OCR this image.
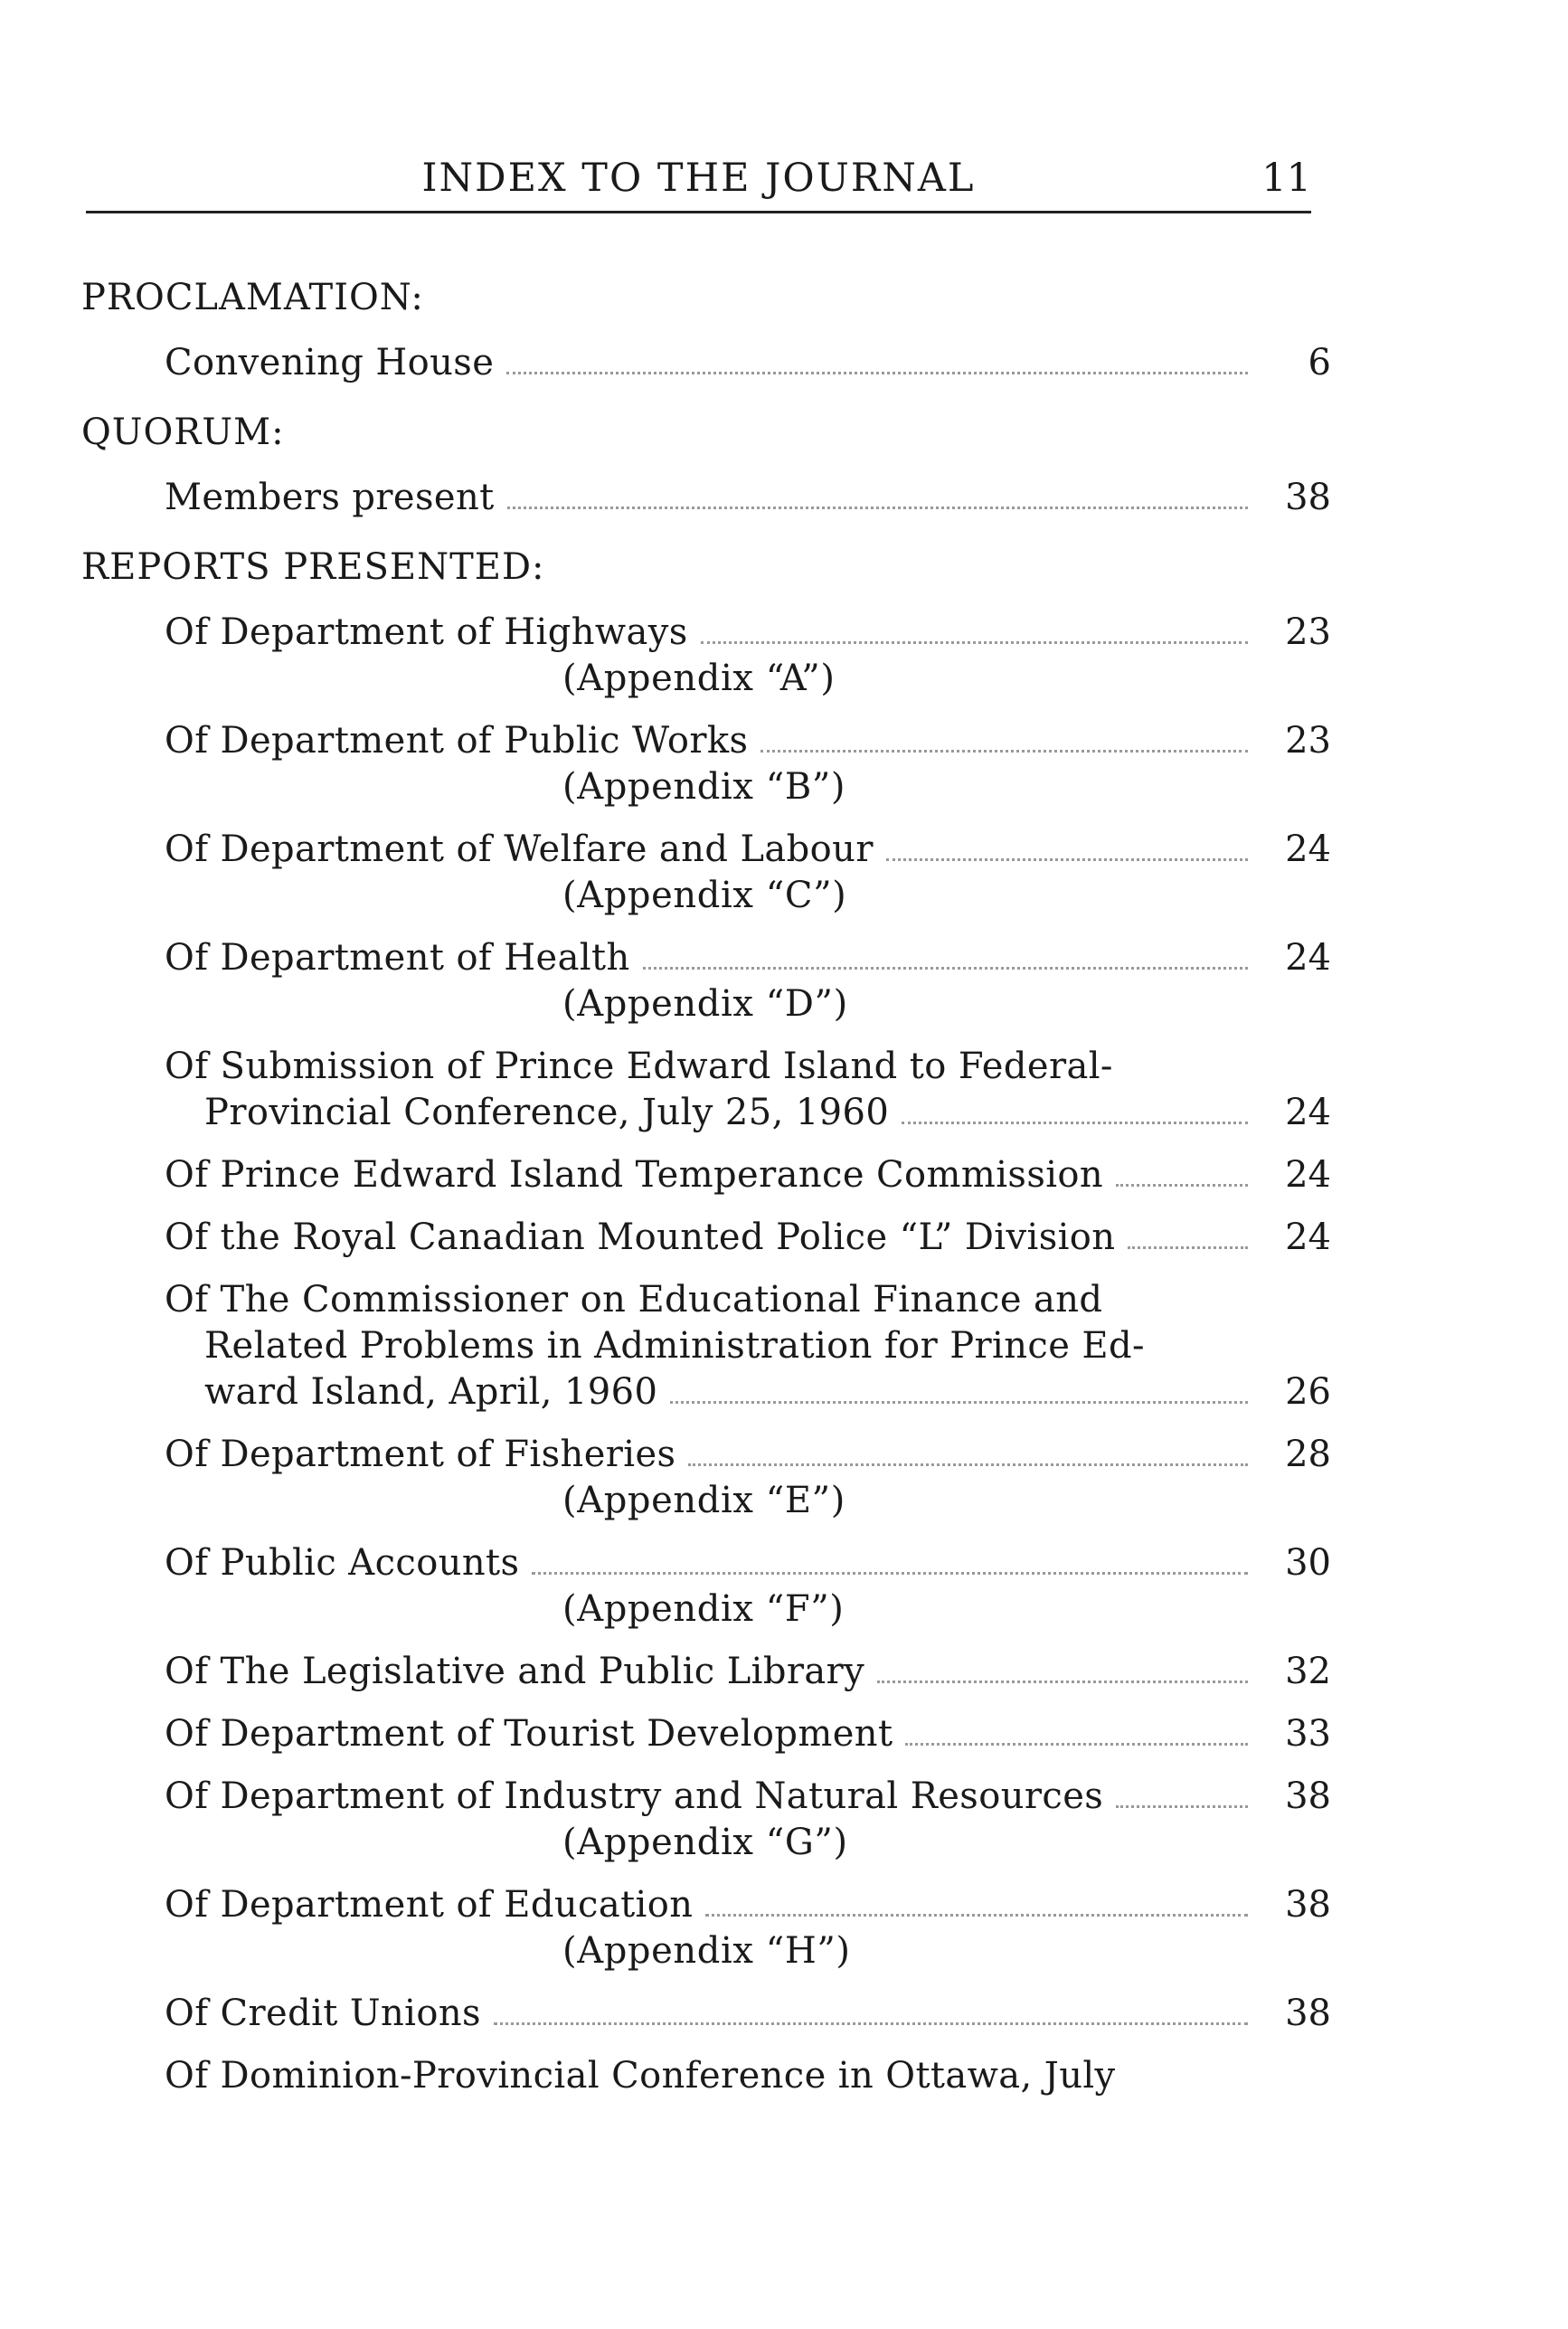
INDEX TO THE JOURNAL	11
PROCLAMATION:
Convening House	6
QUORUM:
Members present	38
REPORTS PRESENTED:
Of Department of Highways	23
(Appendix “A”)
Of Department of Public Works	23
(Appendix “B”)
Of Department of Welfare and Labour	24
(Appendix “C”)
Of Department of Health	24
(Appendix “D”)
Of Submission of Prince Edward Island to Federal-
Provincial Conference, July 25, 1960	24
Of Prince Edward Island Temperance Commission	24
Of the Royal Canadian Mounted Police “L” Division	24
Of The Commissioner on Educational Finance and
Related Problems in Administration for Prince Ed-
ward Island, April, 1960	26
Of Department of Fisheries	28
(Appendix “E”)
Of Public Accounts	30
(Appendix “F”)
Of The Legislative and Public Library	32
Of Department of Tourist Development	33
Of Department of Industry and Natural Resources	38
(Appendix “G”)
Of Department of Education	38
(Appendix “H”)
Of Credit Unions	38
Of Dominion-Provincial Conference in Ottawa, July
